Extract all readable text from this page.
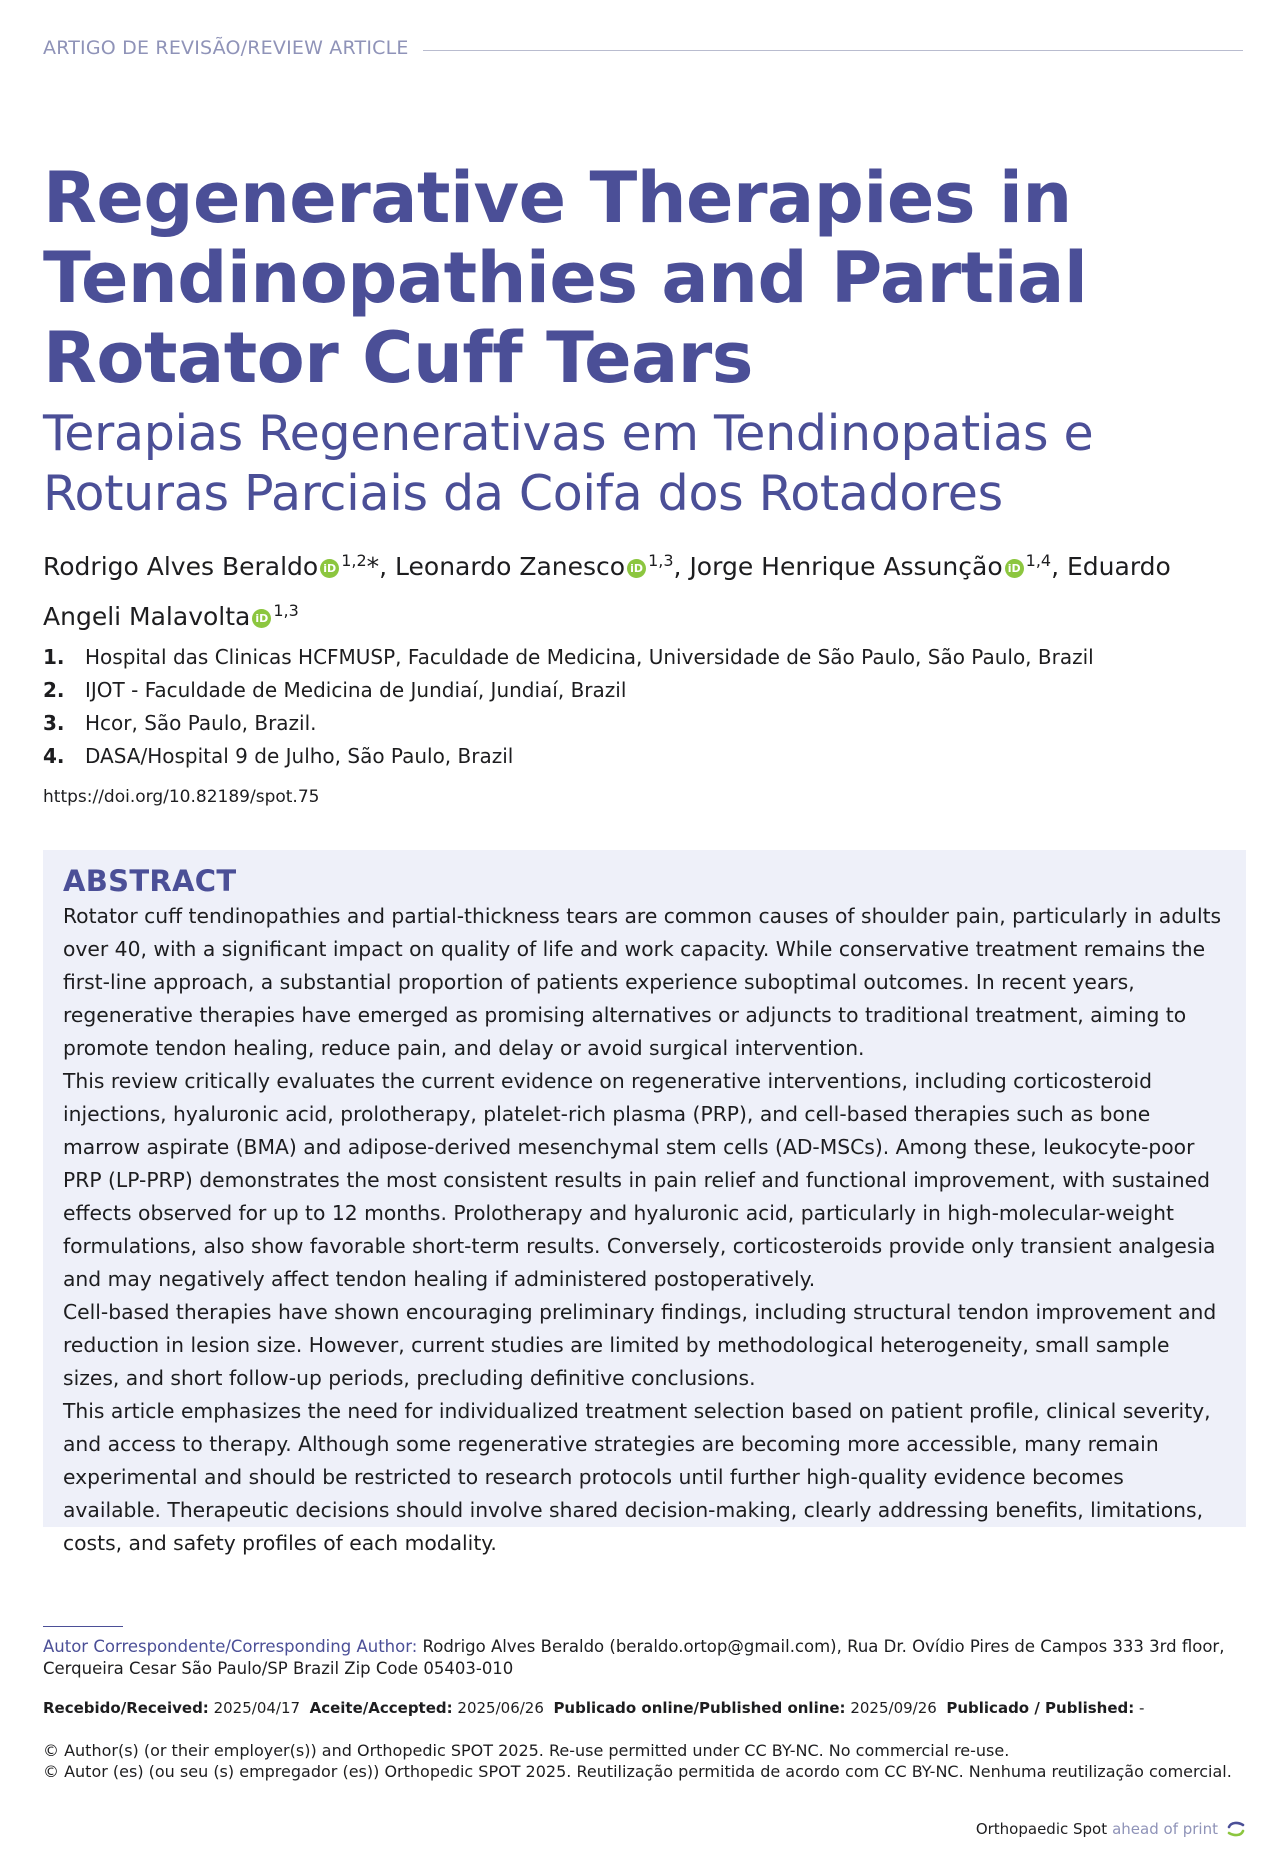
ARTIGO DE REVISÃO/REVIEW ARTICLE
Regenerative Therapies in Tendinopathies and Partial Rotator Cuff Tears
Terapias Regenerativas em Tendinopatias e Roturas Parciais da Coifa dos Rotadores
Rodrigo Alves Beraldo iD $^{1,2}$*, Leonardo Zanesco iD $^{1,3}$, Jorge Henrique Assunção iD $^{1,4}$, Eduardo Angeli Malavolta iD $^{1,3}$
1.	Hospital das Clinicas HCFMUSP, Faculdade de Medicina, Universidade de São Paulo, São Paulo, Brazil
2.	IJOT - Faculdade de Medicina de Jundiaí, Jundiaí, Brazil
3.	Hcor, São Paulo, Brazil.
4.	DASA/Hospital 9 de Julho, São Paulo, Brazil
https://doi.org/10.82189/spot.75
ABSTRACT

Rotator cuff tendinopathies and partial-thickness tears are common causes of shoulder pain, particularly in adults over 40, with a significant impact on quality of life and work capacity. While conservative treatment remains the first-line approach, a substantial proportion of patients experience suboptimal outcomes. In recent years, regenerative therapies have emerged as promising alternatives or adjuncts to traditional treatment, aiming to promote tendon healing, reduce pain, and delay or avoid surgical intervention.

This review critically evaluates the current evidence on regenerative interventions, including corticosteroid injections, hyaluronic acid, prolotherapy, platelet-rich plasma (PRP), and cell-based therapies such as bone marrow aspirate (BMA) and adipose-derived mesenchymal stem cells (AD-MSCs). Among these, leukocyte-poor PRP (LP-PRP) demonstrates the most consistent results in pain relief and functional improvement, with sustained effects observed for up to 12 months. Prolotherapy and hyaluronic acid, particularly in high-molecular-weight formulations, also show favorable short-term results. Conversely, corticosteroids provide only transient analgesia and may negatively affect tendon healing if administered postoperatively.

Cell-based therapies have shown encouraging preliminary findings, including structural tendon improvement and reduction in lesion size. However, current studies are limited by methodological heterogeneity, small sample sizes, and short follow-up periods, precluding definitive conclusions.

This article emphasizes the need for individualized treatment selection based on patient profile, clinical severity, and access to therapy. Although some regenerative strategies are becoming more accessible, many remain experimental and should be restricted to research protocols until further high-quality evidence becomes available. Therapeutic decisions should involve shared decision-making, clearly addressing benefits, limitations, costs, and safety profiles of each modality.

Autor Correspondente/Corresponding Author: Rodrigo Alves Beraldo (beraldo.ortop@gmail.com), Rua Dr. Ovídio Pires de Campos 333 3rd floor, Cerqueira Cesar São Paulo/SP Brazil Zip Code 05403-010
Recebido/Received: 2025/04/17 Aceite/Accepted: 2025/06/26 Publicado online/Published online: 2025/09/26 Publicado / Published: -
© Author(s) (or their employer(s)) and Orthopedic SPOT 2025. Re-use permitted under CC BY-NC. No commercial re-use.
© Autor (es) (ou seu (s) empregador (es)) Orthopedic SPOT 2025. Reutilização permitida de acordo com CC BY-NC. Nenhuma reutilização comercial.
Orthopaedic Spot ahead of print
